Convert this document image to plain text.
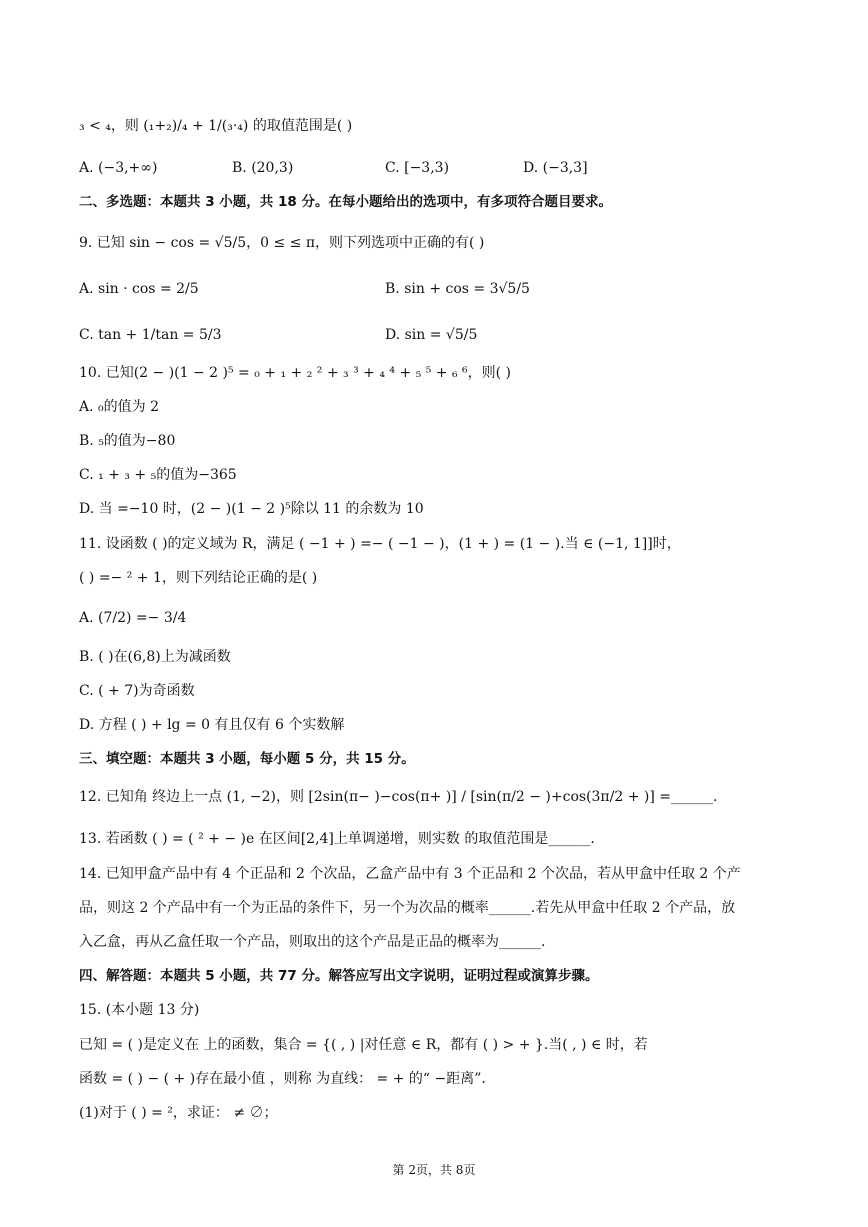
₃ < ₄，则 (₁+₂)/₄ + 1/(₃·₄) 的取值范围是( )
A. (−3,+∞)	B. (20,3)	C. [−3,3)	D. (−3,3]
二、多选题：本题共 3 小题，共 18 分。在每小题给出的选项中，有多项符合题目要求。
9. 已知 sin − cos = √5/5，0 ≤ ≤ π，则下列选项中正确的有( )
A. sin · cos = 2/5	B. sin + cos = 3√5/5
C. tan + 1/tan = 5/3	D. sin = √5/5
10. 已知(2 − )(1 − 2 )⁵ = ₀ + ₁ + ₂ ² + ₃ ³ + ₄ ⁴ + ₅ ⁵ + ₆ ⁶，则( )
A. ₀的值为 2
B. ₅的值为−80
C. ₁ + ₃ + ₅的值为−365
D. 当 =−10 时，(2 − )(1 − 2 )⁵除以 11 的余数为 10
11. 设函数 ( )的定义域为 R，满足 ( −1 + ) =− ( −1 − )，(1 + ) = (1 − ).当 ∈ (−1, 1]]时，
( ) =− ² + 1，则下列结论正确的是( )
A. (7/2) =− 3/4
B. ( )在(6,8)上为减函数
C. ( + 7)为奇函数
D. 方程 ( ) + lg = 0 有且仅有 6 个实数解
三、填空题：本题共 3 小题，每小题 5 分，共 15 分。
12. 已知角 终边上一点 (1, −2)，则 [2sin(π− )−cos(π+ )] / [sin(π/2 − )+cos(3π/2 + )] =______.
13. 若函数 ( ) = ( ² + − )e 在区间[2,4]上单调递增，则实数 的取值范围是______.
14. 已知甲盒产品中有 4 个正品和 2 个次品，乙盒产品中有 3 个正品和 2 个次品，若从甲盒中任取 2 个产
品，则这 2 个产品中有一个为正品的条件下，另一个为次品的概率______.若先从甲盒中任取 2 个产品，放
入乙盒，再从乙盒任取一个产品，则取出的这个产品是正品的概率为______.
四、解答题：本题共 5 小题，共 77 分。解答应写出文字说明，证明过程或演算步骤。
15. (本小题 13 分)
已知 = ( )是定义在 上的函数，集合 = {( , ) |对任意 ∈ R，都有 ( ) > + }.当( , ) ∈ 时，若
函数 = ( ) − ( + )存在最小值 ，则称 为直线： = + 的“ −距离”.
(1)对于 ( ) = ²，求证： ≠ ∅；
第 2页，共 8页
